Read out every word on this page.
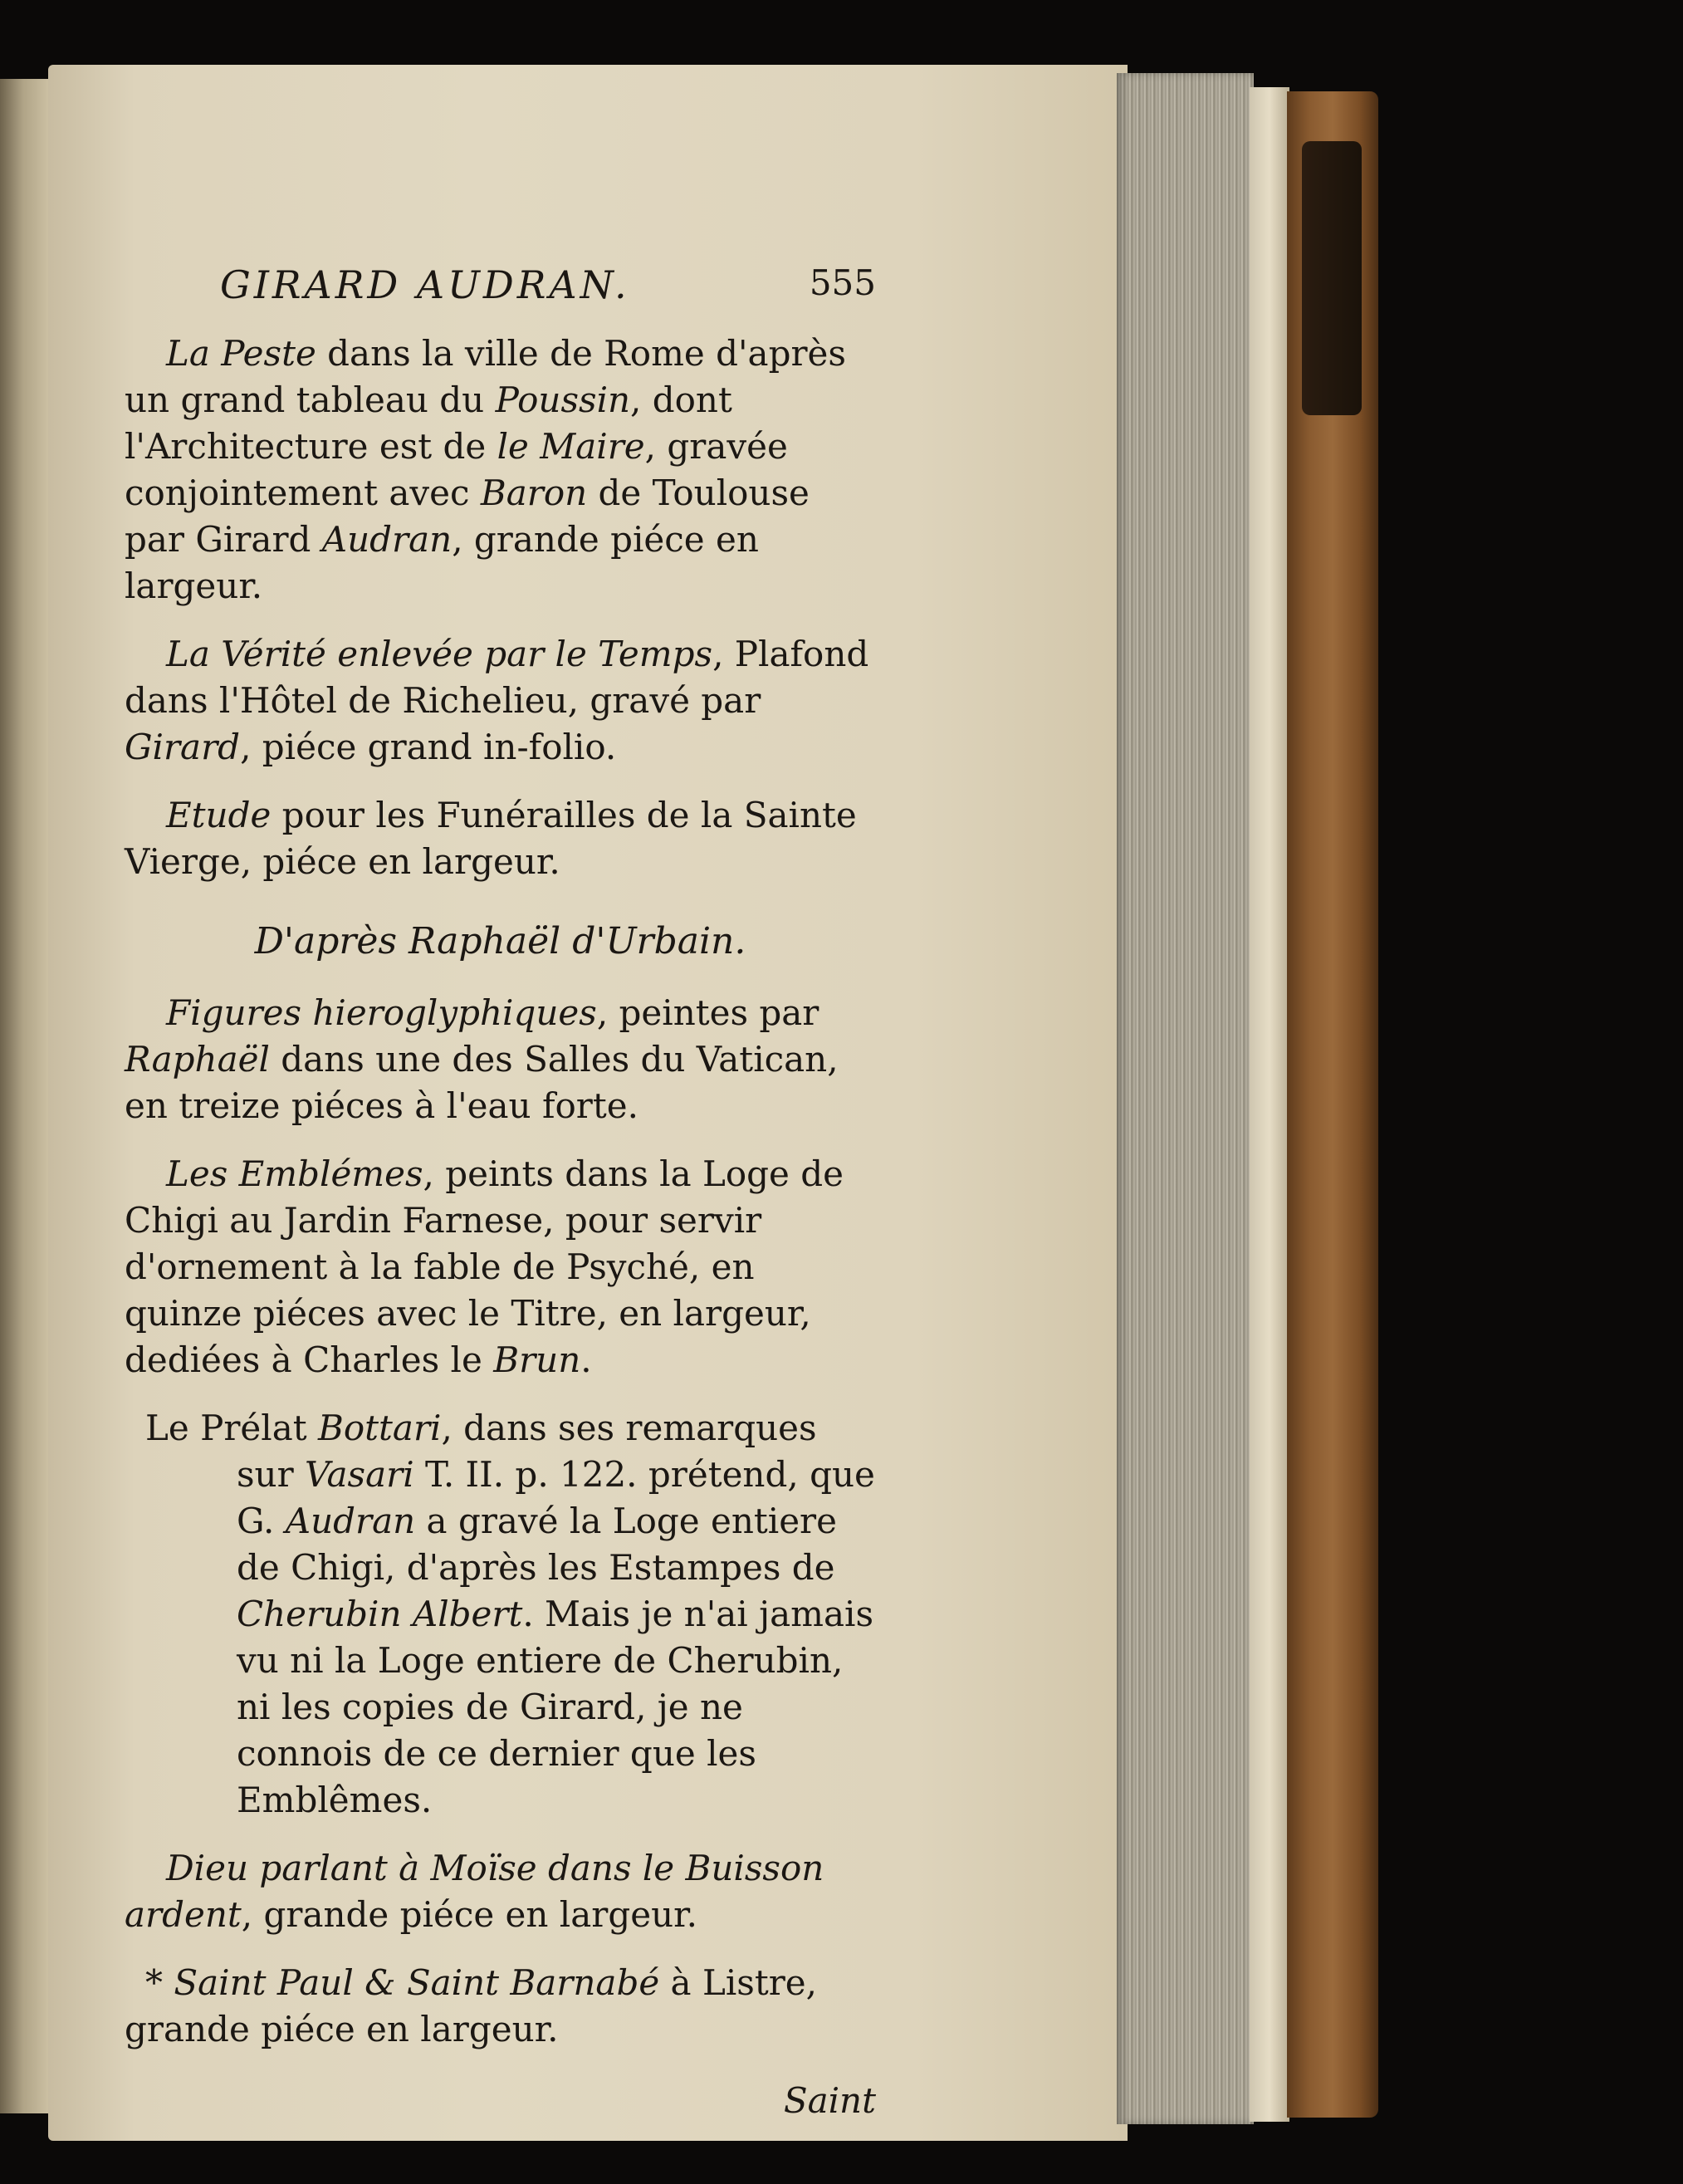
GIRARD AUDRAN.	555

La Peste dans la ville de Rome d'après un grand tableau du Poussin, dont l'Architecture est de le Maire, gravée conjointement avec Baron de Toulouse par Girard Audran, grande piéce en largeur.

La Vérité enlevée par le Temps, Plafond dans l'Hôtel de Richelieu, gravé par Girard, piéce grand in-folio.

Etude pour les Funérailles de la Sainte Vierge, piéce en largeur.

D'après Raphaël d'Urbain.

Figures hieroglyphiques, peintes par Raphaël dans une des Salles du Vatican, en treize piéces à l'eau forte.

Les Emblémes, peints dans la Loge de Chigi au Jardin Farnese, pour servir d'ornement à la fable de Psyché, en quinze piéces avec le Titre, en largeur, dediées à Charles le Brun.

Le Prélat Bottari, dans ses remarques sur Vasari T. II. p. 122. prétend, que G. Audran a gravé la Loge entiere de Chigi, d'après les Estampes de Cherubin Albert. Mais je n'ai jamais vu ni la Loge entiere de Cherubin, ni les copies de Girard, je ne connois de ce dernier que les Emblêmes.

Dieu parlant à Moïse dans le Buisson ardent, grande piéce en largeur.

* Saint Paul & Saint Barnabé à Listre, grande piéce en largeur.

Saint
